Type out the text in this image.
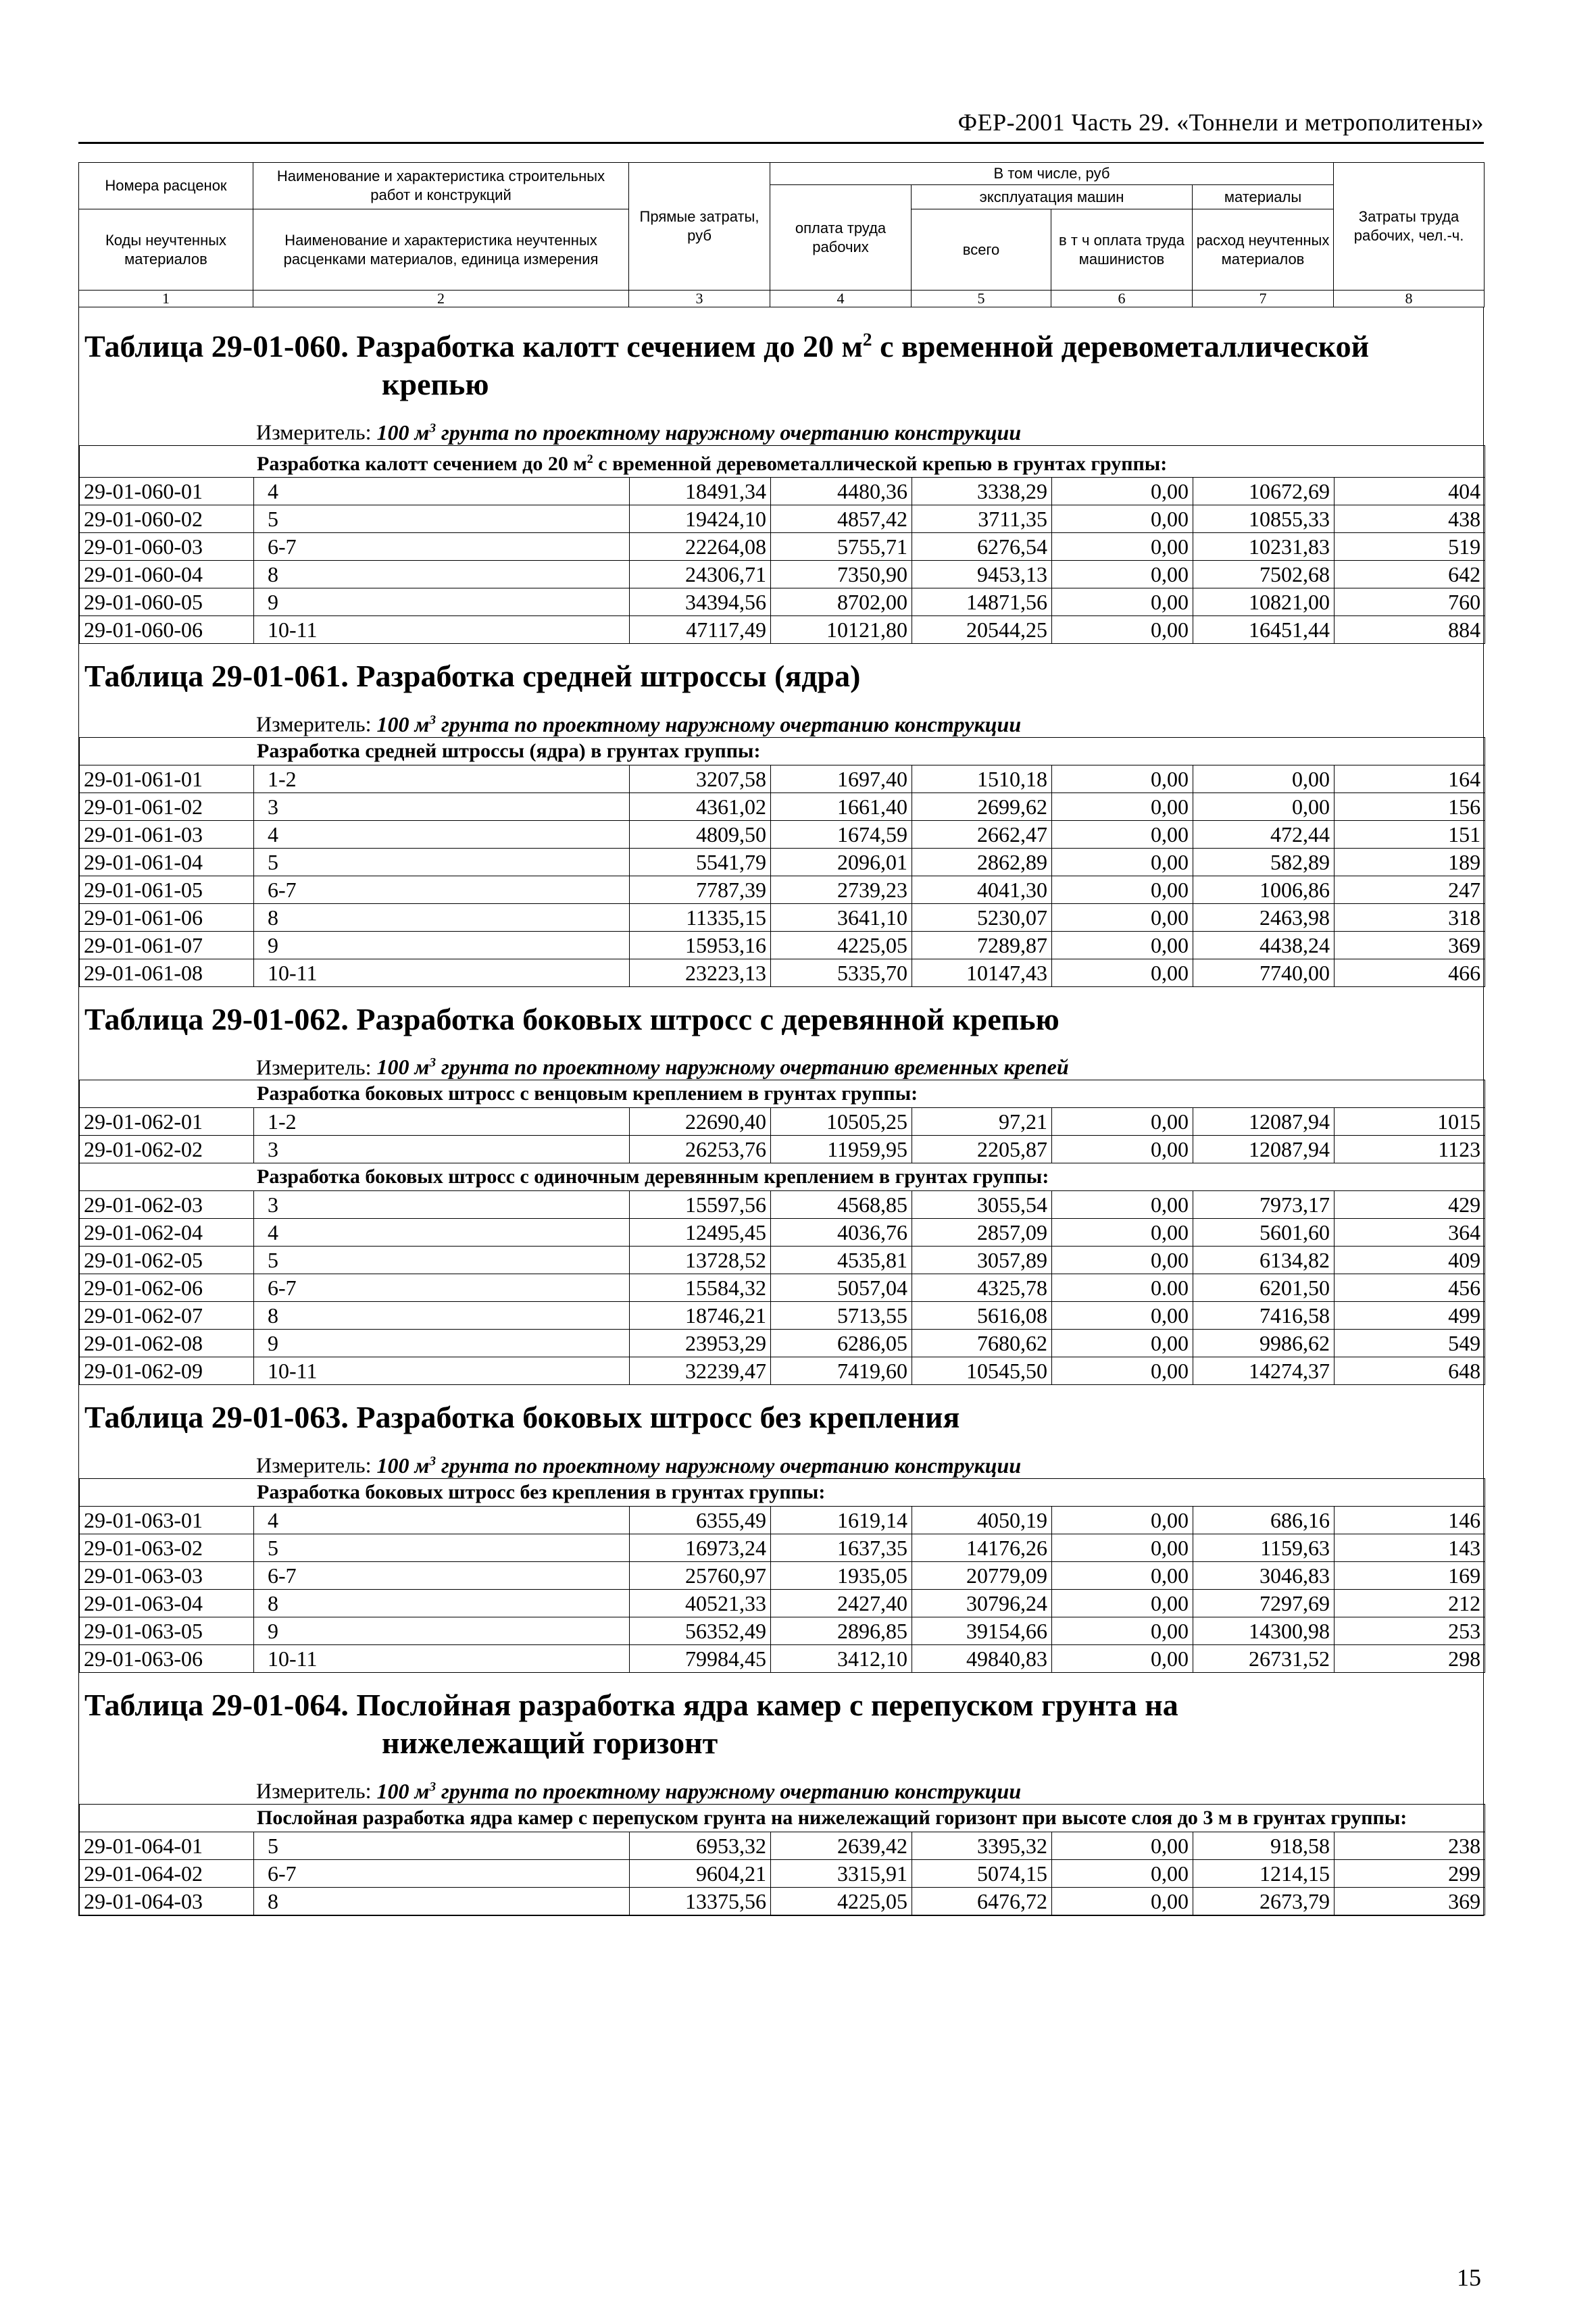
ФЕР-2001 Часть 29. «Тоннели и метрополитены»
Номера расценок	Наименование и характеристика строительных работ и конструкций	Прямые затраты, руб	В том числе, руб				Затраты труда рабочих, чел.-ч.
			оплата труда рабочих	эксплуатация машин		материалы	
Коды неучтенных материалов	Наименование и характеристика неучтенных расценками материалов, единица измерения			всего	в т ч оплата труда машинистов	расход неучтенных материалов	

1	2	3	4	5	6	7	8
Таблица 29-01-060. Разработка калотт сечением до 20 $м^2$ с временной деревометаллической
крепью
Измеритель: 100 $м^3$ грунта по проектному наружному очертанию конструкции
Разработка калотт сечением до 20 $м^2$ с временной деревометаллической крепью в грунтах группы:							
29-01-060-01	4	18491,34	4480,36	3338,29	0,00	10672,69	404
29-01-060-02	5	19424,10	4857,42	3711,35	0,00	10855,33	438
29-01-060-03	6-7	22264,08	5755,71	6276,54	0,00	10231,83	519
29-01-060-04	8	24306,71	7350,90	9453,13	0,00	7502,68	642
29-01-060-05	9	34394,56	8702,00	14871,56	0,00	10821,00	760
29-01-060-06	10-11	47117,49	10121,80	20544,25	0,00	16451,44	884
Таблица 29-01-061. Разработка средней штроссы (ядра)
Измеритель: 100 $м^3$ грунта по проектному наружному очертанию конструкции
Разработка средней штроссы (ядра) в грунтах группы:							
29-01-061-01	1-2	3207,58	1697,40	1510,18	0,00	0,00	164
29-01-061-02	3	4361,02	1661,40	2699,62	0,00	0,00	156
29-01-061-03	4	4809,50	1674,59	2662,47	0,00	472,44	151
29-01-061-04	5	5541,79	2096,01	2862,89	0,00	582,89	189
29-01-061-05	6-7	7787,39	2739,23	4041,30	0,00	1006,86	247
29-01-061-06	8	11335,15	3641,10	5230,07	0,00	2463,98	318
29-01-061-07	9	15953,16	4225,05	7289,87	0,00	4438,24	369
29-01-061-08	10-11	23223,13	5335,70	10147,43	0,00	7740,00	466
Таблица 29-01-062. Разработка боковых штросс с деревянной крепью
Измеритель: 100 $м^3$ грунта по проектному наружному очертанию временных крепей
Разработка боковых штросс с венцовым креплением в грунтах группы:							
29-01-062-01	1-2	22690,40	10505,25	97,21	0,00	12087,94	1015
29-01-062-02	3	26253,76	11959,95	2205,87	0,00	12087,94	1123
Разработка боковых штросс с одиночным деревянным креплением в грунтах группы:							
29-01-062-03	3	15597,56	4568,85	3055,54	0,00	7973,17	429
29-01-062-04	4	12495,45	4036,76	2857,09	0,00	5601,60	364
29-01-062-05	5	13728,52	4535,81	3057,89	0,00	6134,82	409
29-01-062-06	6-7	15584,32	5057,04	4325,78	0.00	6201,50	456
29-01-062-07	8	18746,21	5713,55	5616,08	0,00	7416,58	499
29-01-062-08	9	23953,29	6286,05	7680,62	0,00	9986,62	549
29-01-062-09	10-11	32239,47	7419,60	10545,50	0,00	14274,37	648
Таблица 29-01-063. Разработка боковых штросс без крепления
Измеритель: 100 $м^3$ грунта по проектному наружному очертанию конструкции
Разработка боковых штросс без крепления в грунтах группы:							
29-01-063-01	4	6355,49	1619,14	4050,19	0,00	686,16	146
29-01-063-02	5	16973,24	1637,35	14176,26	0,00	1159,63	143
29-01-063-03	6-7	25760,97	1935,05	20779,09	0,00	3046,83	169
29-01-063-04	8	40521,33	2427,40	30796,24	0,00	7297,69	212
29-01-063-05	9	56352,49	2896,85	39154,66	0,00	14300,98	253
29-01-063-06	10-11	79984,45	3412,10	49840,83	0,00	26731,52	298
Таблица 29-01-064. Послойная разработка ядра камер с перепуском грунта на
нижележащий горизонт
Измеритель: 100 $м^3$ грунта по проектному наружному очертанию конструкции
Послойная разработка ядра камер с перепуском грунта на нижележащий горизонт при высоте слоя до 3 м в грунтах группы:							
29-01-064-01	5	6953,32	2639,42	3395,32	0,00	918,58	238
29-01-064-02	6-7	9604,21	3315,91	5074,15	0,00	1214,15	299
29-01-064-03	8	13375,56	4225,05	6476,72	0,00	2673,79	369
15
